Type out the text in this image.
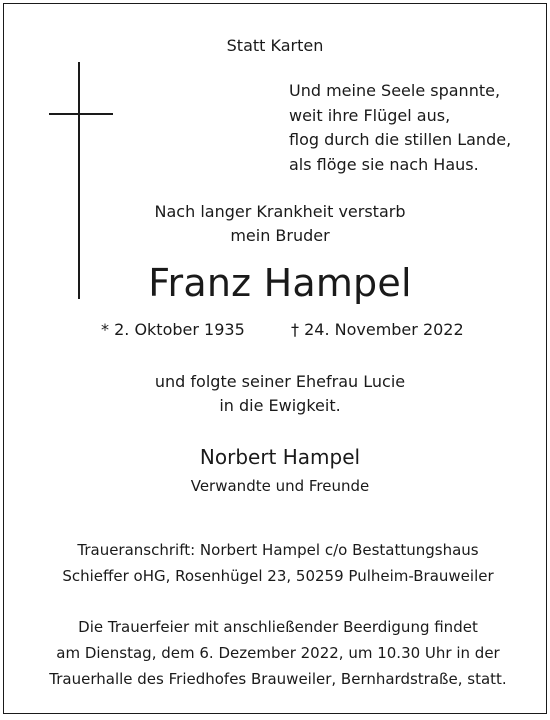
Statt Karten
Und meine Seele spannte,
weit ihre Flügel aus,
flog durch die stillen Lande,
als flöge sie nach Haus.
Nach langer Krankheit verstarb
mein Bruder
Franz Hampel
* 2. Oktober 1935	† 24. November 2022
und folgte seiner Ehefrau Lucie
in die Ewigkeit.
Norbert Hampel
Verwandte und Freunde
Traueranschrift: Norbert Hampel c/o Bestattungshaus
Schieffer oHG, Rosenhügel 23, 50259 Pulheim-Brauweiler
Die Trauerfeier mit anschließender Beerdigung findet
am Dienstag, dem 6. Dezember 2022, um 10.30 Uhr in der
Trauerhalle des Friedhofes Brauweiler, Bernhardstraße, statt.
